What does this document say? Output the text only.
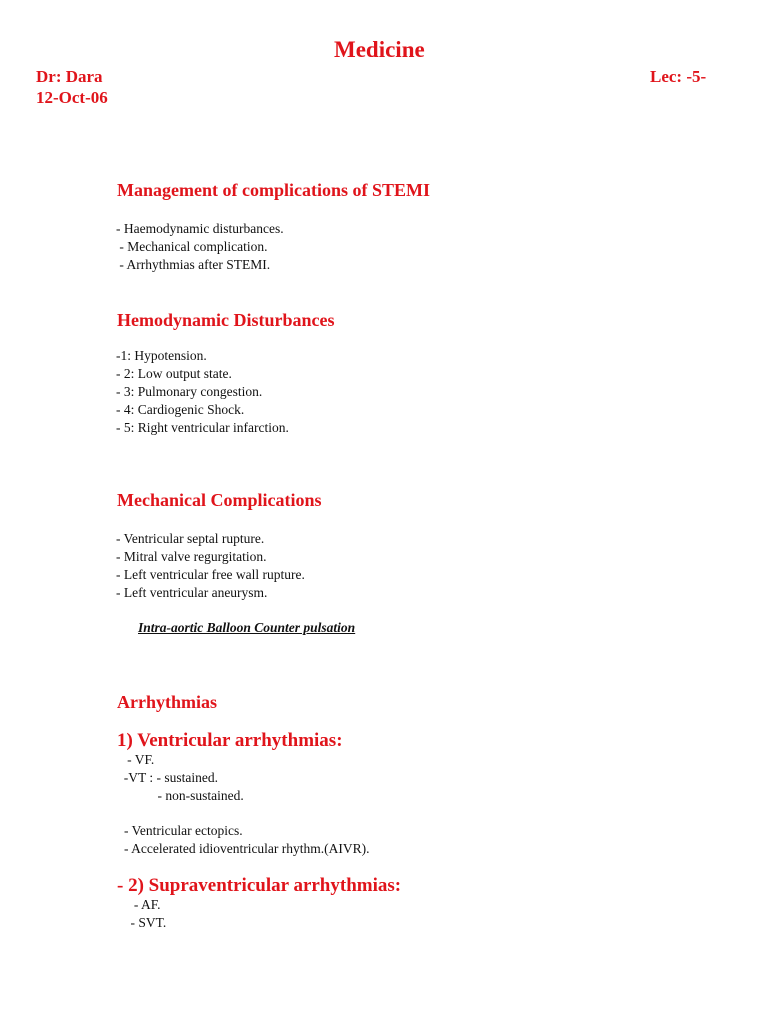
Medicine
Dr: Dara	Lec: -5-
12-Oct-06
Management of complications of STEMI
- Haemodynamic disturbances.
- Mechanical complication.
- Arrhythmias after STEMI.
Hemodynamic Disturbances
-1: Hypotension.
- 2: Low output state.
- 3: Pulmonary congestion.
- 4: Cardiogenic Shock.
- 5: Right ventricular infarction.
Mechanical Complications
- Ventricular septal rupture.
- Mitral valve regurgitation.
- Left ventricular free wall rupture.
- Left ventricular aneurysm.
Intra-aortic Balloon Counter pulsation
Arrhythmias
1) Ventricular arrhythmias:
- VF.
-VT : - sustained.
- non-sustained.
- Ventricular ectopics.
- Accelerated idioventricular rhythm.(AIVR).
- 2) Supraventricular arrhythmias:
- AF.
- SVT.
